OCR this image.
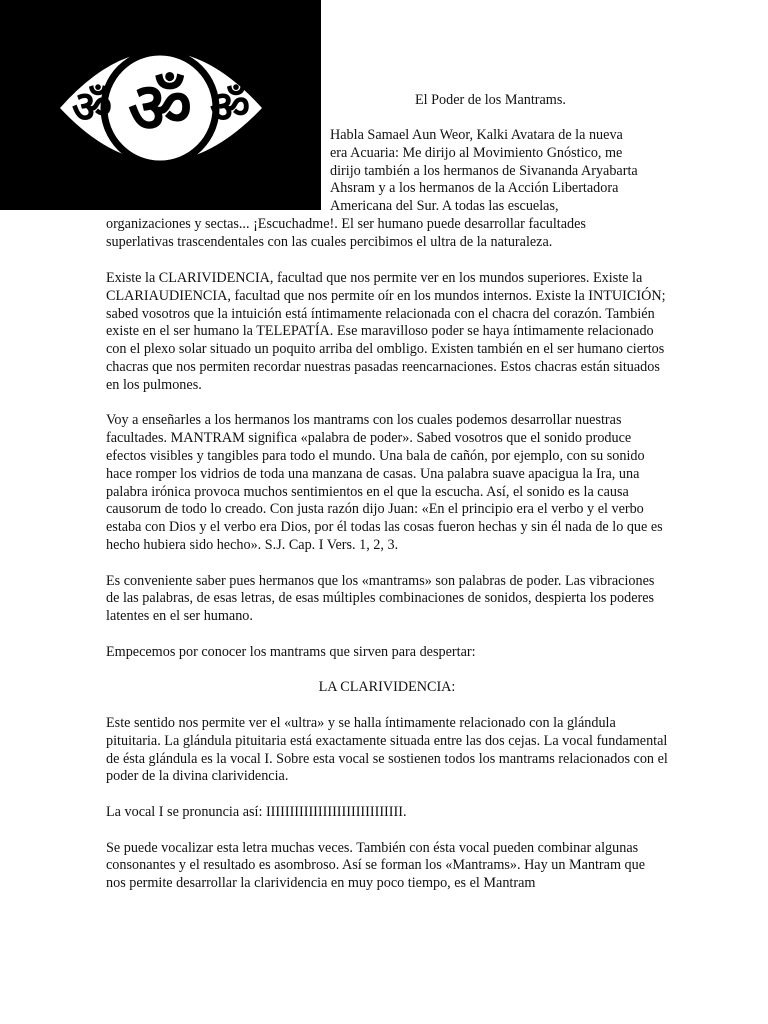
ॐ ॐ ॐ	El Poder de los Mantrams.

Habla Samael Aun Weor, Kalki Avatara de la nueva
era Acuaria: Me dirijo al Movimiento Gnóstico, me
dirijo también a los hermanos de Sivananda Aryabarta
Ahsram y a los hermanos de la Acción Libertadora
Americana del Sur. A todas las escuelas,

organizaciones y sectas... ¡Escuchadme!. El ser humano puede desarrollar facultades
superlativas trascendentales con las cuales percibimos el ultra de la naturaleza.

Existe la CLARIVIDENCIA, facultad que nos permite ver en los mundos superiores. Existe la CLARIAUDIENCIA, facultad que nos permite oír en los mundos internos. Existe la INTUICIÓN; sabed vosotros que la intuición está íntimamente relacionada con el chacra del corazón. También existe en el ser humano la TELEPATÍA. Ese maravilloso poder se haya íntimamente relacionado con el plexo solar situado un poquito arriba del ombligo. Existen también en el ser humano ciertos chacras que nos permiten recordar nuestras pasadas reencarnaciones. Estos chacras están situados en los pulmones.

Voy a enseñarles a los hermanos los mantrams con los cuales podemos desarrollar nuestras facultades. MANTRAM significa «palabra de poder». Sabed vosotros que el sonido produce efectos visibles y tangibles para todo el mundo. Una bala de cañón, por ejemplo, con su sonido hace romper los vidrios de toda una manzana de casas. Una palabra suave apacigua la Ira, una palabra irónica provoca muchos sentimientos en el que la escucha. Así, el sonido es la causa causorum de todo lo creado. Con justa razón dijo Juan: «En el principio era el verbo y el verbo estaba con Dios y el verbo era Dios, por él todas las cosas fueron hechas y sin él nada de lo que es hecho hubiera sido hecho». S.J. Cap. I Vers. 1, 2, 3.

Es conveniente saber pues hermanos que los «mantrams» son palabras de poder. Las vibraciones de las palabras, de esas letras, de esas múltiples combinaciones de sonidos, despierta los poderes latentes en el ser humano.

Empecemos por conocer los mantrams que sirven para despertar:

LA CLARIVIDENCIA:

Este sentido nos permite ver el «ultra» y se halla íntimamente relacionado con la glándula pituitaria. La glándula pituitaria está exactamente situada entre las dos cejas. La vocal fundamental de ésta glándula es la vocal I. Sobre esta vocal se sostienen todos los mantrams relacionados con el poder de la divina clarividencia.

La vocal I se pronuncia así: IIIIIIIIIIIIIIIIIIIIIIIIIIIII.

Se puede vocalizar esta letra muchas veces. También con ésta vocal pueden combinar algunas consonantes y el resultado es asombroso. Así se forman los «Mantrams». Hay un Mantram que nos permite desarrollar la clarividencia en muy poco tiempo, es el Mantram
